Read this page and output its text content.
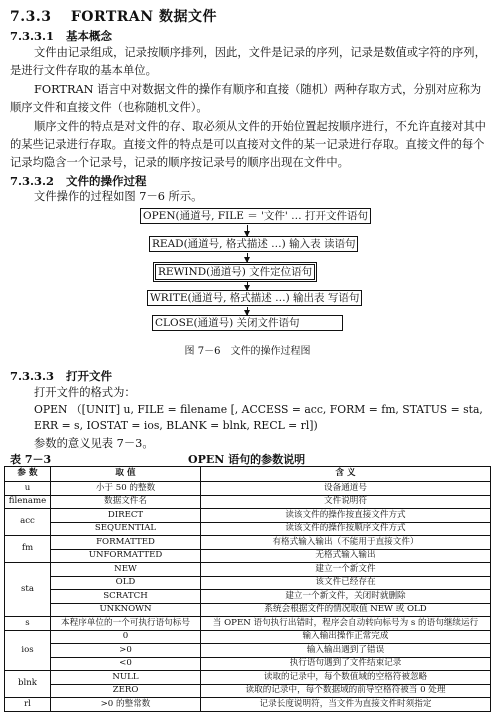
7.3.3 FORTRAN 数据文件
7.3.3.1 基本概念
文件由记录组成，记录按顺序排列，因此，文件是记录的序列，记录是数值或字符的序列，是进行文件存取的基本单位。
FORTRAN 语言中对数据文件的操作有顺序和直接（随机）两种存取方式，分别对应称为顺序文件和直接文件（也称随机文件）。
顺序文件的特点是对文件的存、取必须从文件的开始位置起按顺序进行，不允许直接对其中的某些记录进行存取。直接文件的特点是可以直接对文件的某一记录进行存取。直接文件的每个记录均隐含一个记录号，记录的顺序按记录号的顺序出现在文件中。
7.3.3.2 文件的操作过程
文件操作的过程如图 7－6 所示。
OPEN(通道号, FILE ＝ '文件' … 打开文件语句
READ(通道号, 格式描述 …) 输入表 读语句
REWIND(通道号) 文件定位语句
WRITE(通道号, 格式描述 …) 输出表 写语句
CLOSE(通道号) 关闭文件语句
图 7－6　文件的操作过程图
7.3.3.3 打开文件
打开文件的格式为：
OPEN （[UNIT] u, FILE = filename [, ACCESS = acc, FORM = fm, STATUS = sta,
ERR = s, IOSTAT = ios, BLANK = blnk, RECL = rl])
表 7－3	OPEN 语句的参数说明
参 数	取 值	含 义
u	小于 50 的整数	设备通道号
filename	数据文件名	文件说明符
acc	DIRECT	读该文件的操作按直接文件方式
	SEQUENTIAL	读该文件的操作按顺序文件方式
fm	FORMATTED	有格式输入输出（不能用于直接文件）
	UNFORMATTED	无格式输入输出
sta	NEW	建立一个新文件
	OLD	该文件已经存在
	SCRATCH	建立一个新文件，关闭时就删除
	UNKNOWN	系统会根据文件的情况取值 NEW 或 OLD
s	本程序单位的一个可执行语句标号	当 OPEN 语句执行出错时，程序会自动转向标号为 s 的语句继续运行
ios	0	输入输出操作正常完成
	>0	输入输出遇到了错误
	<0	执行语句遇到了文件结束记录
blnk	NULL	读取的记录中，每个数值域的空格符被忽略
	ZERO	读取的记录中，每个数据域的前导空格符被当 0 处理
rl	>0 的整常数	记录长度说明符，当文件为直接文件时须指定
参数的意义见表 7－3。
